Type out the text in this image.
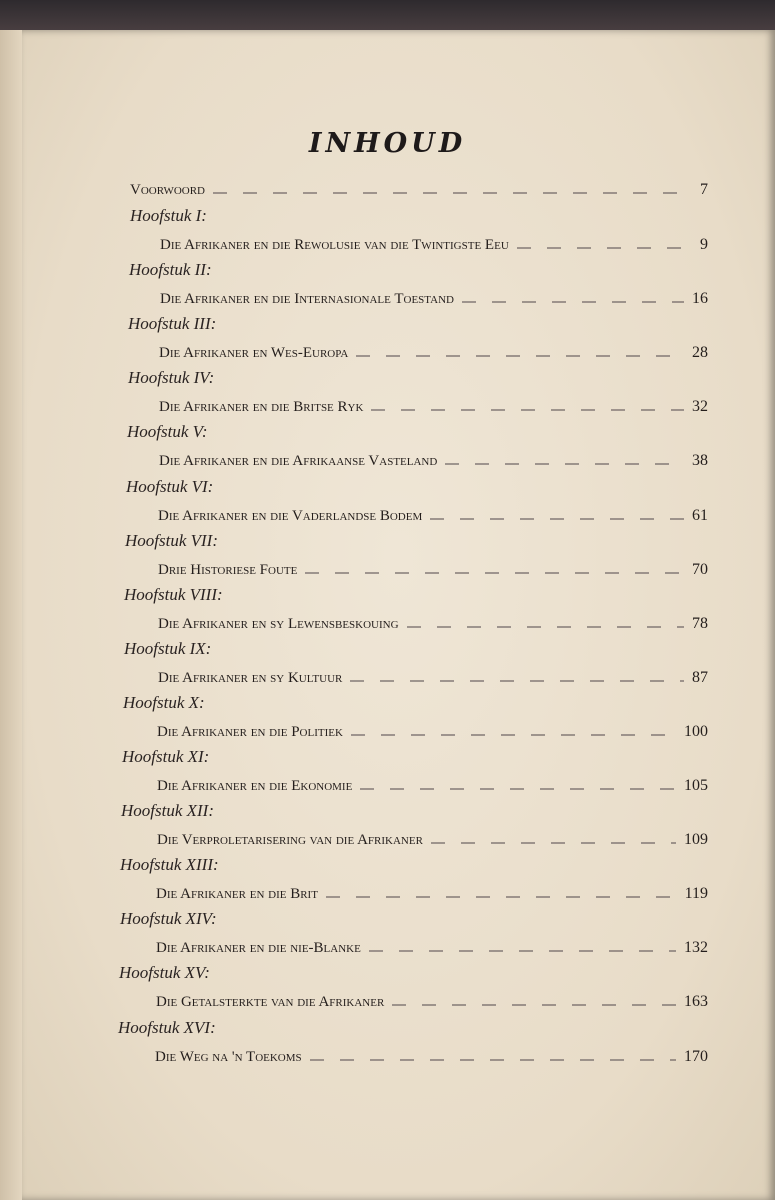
INHOUD
Voorwoord	7
Hoofstuk I:
Die Afrikaner en die Rewolusie van die Twintigste Eeu	9
Hoofstuk II:
Die Afrikaner en die Internasionale Toestand	16
Hoofstuk III:
Die Afrikaner en Wes-Europa	28
Hoofstuk IV:
Die Afrikaner en die Britse Ryk	32
Hoofstuk V:
Die Afrikaner en die Afrikaanse Vasteland	38
Hoofstuk VI:
Die Afrikaner en die Vaderlandse Bodem	61
Hoofstuk VII:
Drie Historiese Foute	70
Hoofstuk VIII:
Die Afrikaner en sy Lewensbeskouing	78
Hoofstuk IX:
Die Afrikaner en sy Kultuur	87
Hoofstuk X:
Die Afrikaner en die Politiek	100
Hoofstuk XI:
Die Afrikaner en die Ekonomie	105
Hoofstuk XII:
Die Verproletarisering van die Afrikaner	109
Hoofstuk XIII:
Die Afrikaner en die Brit	119
Hoofstuk XIV:
Die Afrikaner en die nie-Blanke	132
Hoofstuk XV:
Die Getalsterkte van die Afrikaner	163
Hoofstuk XVI:
Die Weg na 'n Toekoms	170
